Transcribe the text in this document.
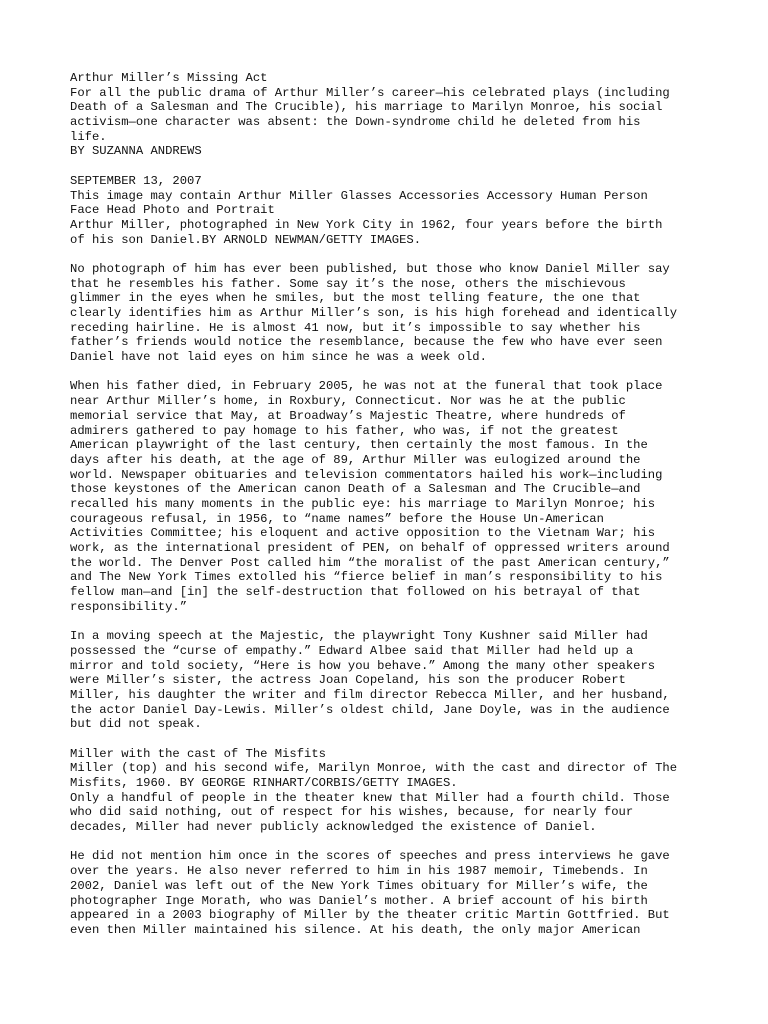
Arthur Miller’s Missing Act
For all the public drama of Arthur Miller’s career—his celebrated plays (including
Death of a Salesman and The Crucible), his marriage to Marilyn Monroe, his social
activism—one character was absent: the Down-syndrome child he deleted from his
life.
BY SUZANNA ANDREWS
SEPTEMBER 13, 2007
This image may contain Arthur Miller Glasses Accessories Accessory Human Person
Face Head Photo and Portrait
Arthur Miller, photographed in New York City in 1962, four years before the birth
of his son Daniel.BY ARNOLD NEWMAN/GETTY IMAGES.
No photograph of him has ever been published, but those who know Daniel Miller say
that he resembles his father. Some say it’s the nose, others the mischievous
glimmer in the eyes when he smiles, but the most telling feature, the one that
clearly identifies him as Arthur Miller’s son, is his high forehead and identically
receding hairline. He is almost 41 now, but it’s impossible to say whether his
father’s friends would notice the resemblance, because the few who have ever seen
Daniel have not laid eyes on him since he was a week old.
When his father died, in February 2005, he was not at the funeral that took place
near Arthur Miller’s home, in Roxbury, Connecticut. Nor was he at the public
memorial service that May, at Broadway’s Majestic Theatre, where hundreds of
admirers gathered to pay homage to his father, who was, if not the greatest
American playwright of the last century, then certainly the most famous. In the
days after his death, at the age of 89, Arthur Miller was eulogized around the
world. Newspaper obituaries and television commentators hailed his work—including
those keystones of the American canon Death of a Salesman and The Crucible—and
recalled his many moments in the public eye: his marriage to Marilyn Monroe; his
courageous refusal, in 1956, to “name names” before the House Un-American
Activities Committee; his eloquent and active opposition to the Vietnam War; his
work, as the international president of PEN, on behalf of oppressed writers around
the world. The Denver Post called him “the moralist of the past American century,”
and The New York Times extolled his “fierce belief in man’s responsibility to his
fellow man—and [in] the self-destruction that followed on his betrayal of that
responsibility.”
In a moving speech at the Majestic, the playwright Tony Kushner said Miller had
possessed the “curse of empathy.” Edward Albee said that Miller had held up a
mirror and told society, “Here is how you behave.” Among the many other speakers
were Miller’s sister, the actress Joan Copeland, his son the producer Robert
Miller, his daughter the writer and film director Rebecca Miller, and her husband,
the actor Daniel Day-Lewis. Miller’s oldest child, Jane Doyle, was in the audience
but did not speak.
Miller with the cast of The Misfits
Miller (top) and his second wife, Marilyn Monroe, with the cast and director of The
Misfits, 1960. BY GEORGE RINHART/CORBIS/GETTY IMAGES.
Only a handful of people in the theater knew that Miller had a fourth child. Those
who did said nothing, out of respect for his wishes, because, for nearly four
decades, Miller had never publicly acknowledged the existence of Daniel.
He did not mention him once in the scores of speeches and press interviews he gave
over the years. He also never referred to him in his 1987 memoir, Timebends. In
2002, Daniel was left out of the New York Times obituary for Miller’s wife, the
photographer Inge Morath, who was Daniel’s mother. A brief account of his birth
appeared in a 2003 biography of Miller by the theater critic Martin Gottfried. But
even then Miller maintained his silence. At his death, the only major American
